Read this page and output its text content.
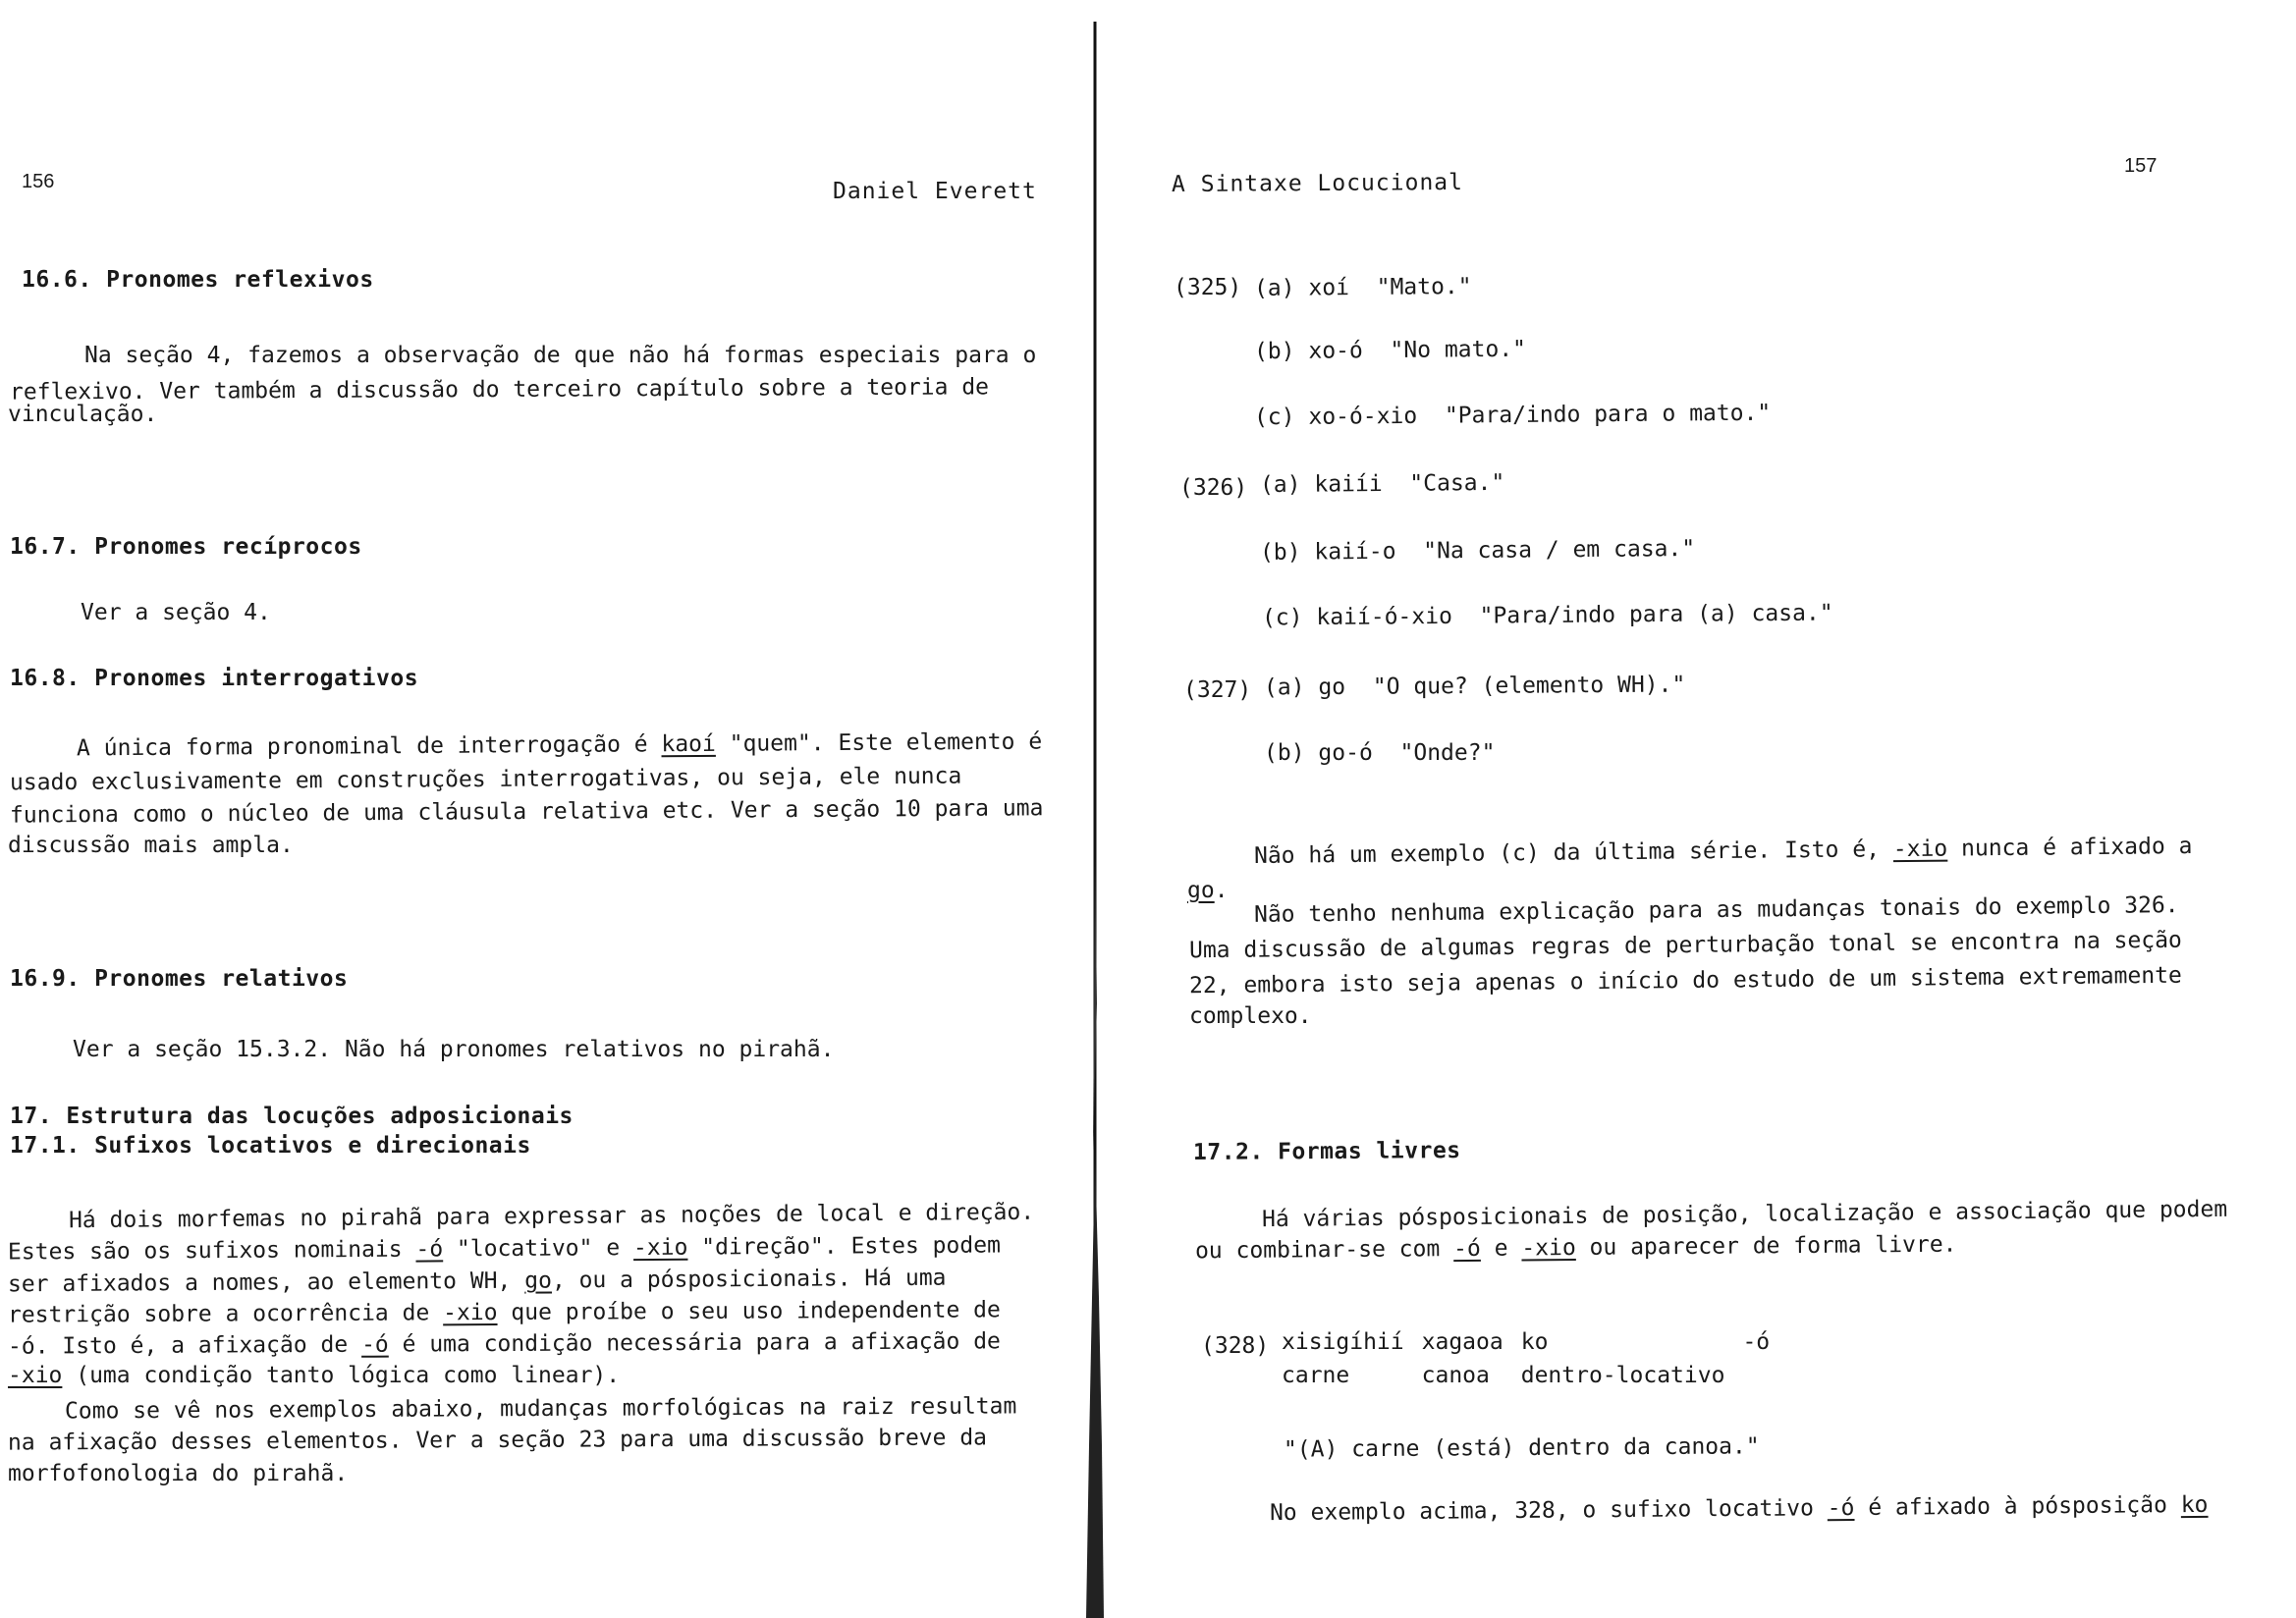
156	Daniel Everett
16.6. Pronomes reflexivos
Na seção 4, fazemos a observação de que não há formas especiais para o
reflexivo. Ver também a discussão do terceiro capítulo sobre a teoria de
vinculação.
16.7. Pronomes recíprocos
Ver a seção 4.
16.8. Pronomes interrogativos
A única forma pronominal de interrogação é kaoí "quem". Este elemento é
usado exclusivamente em construções interrogativas, ou seja, ele nunca
funciona como o núcleo de uma cláusula relativa etc. Ver a seção 10 para uma
discussão mais ampla.
16.9. Pronomes relativos
Ver a seção 15.3.2. Não há pronomes relativos no pirahã.
17. Estrutura das locuções adposicionais
17.1. Sufixos locativos e direcionais
Há dois morfemas no pirahã para expressar as noções de local e direção.
Estes são os sufixos nominais -ó "locativo" e -xio "direção". Estes podem
ser afixados a nomes, ao elemento WH, go, ou a pósposicionais. Há uma
restrição sobre a ocorrência de -xio que proíbe o seu uso independente de
-ó. Isto é, a afixação de -ó é uma condição necessária para a afixação de
-xio (uma condição tanto lógica como linear).
Como se vê nos exemplos abaixo, mudanças morfológicas na raiz resultam
na afixação desses elementos. Ver a seção 23 para uma discussão breve da
morfofonologia do pirahã.
157
A Sintaxe Locucional
(325) (a) xoí "Mato."
(b) xo-ó "No mato."
(c) xo-ó-xio "Para/indo para o mato."
(326) (a) kaiíi "Casa."
(b) kaií-o "Na casa / em casa."
(c) kaií-ó-xio "Para/indo para (a) casa."
(327) (a) go "O que? (elemento WH)."
(b) go-ó "Onde?"
Não há um exemplo (c) da última série. Isto é, -xio nunca é afixado a
go.
Não tenho nenhuma explicação para as mudanças tonais do exemplo 326.
Uma discussão de algumas regras de perturbação tonal se encontra na seção
22, embora isto seja apenas o início do estudo de um sistema extremamente
complexo.
17.2. Formas livres
Há várias pósposicionais de posição, localização e associação que podem
ou combinar-se com -ó e -xio ou aparecer de forma livre.
(328) xisigíhií	xagaoa	ko	-ó
carne	canoa	dentro-locativo	
"(A) carne (está) dentro da canoa."
No exemplo acima, 328, o sufixo locativo -ó é afixado à pósposição ko
